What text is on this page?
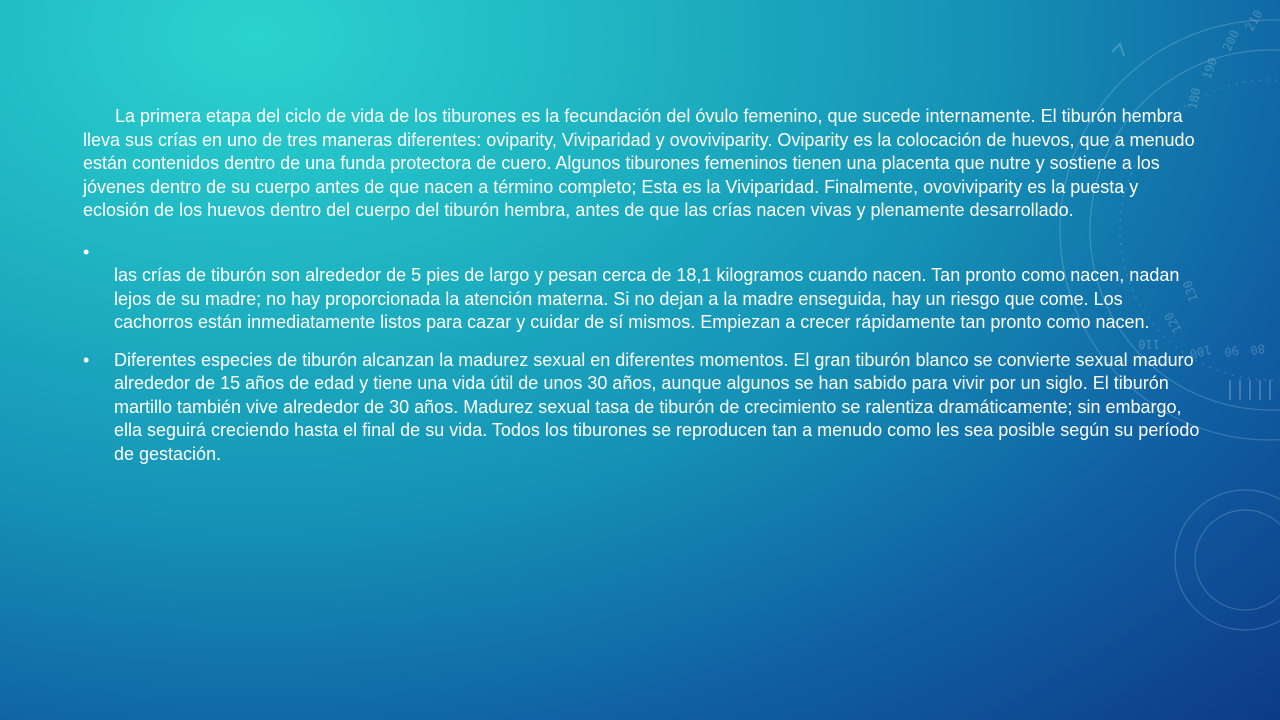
210
200
190
180
130
120
110 100 90 80

La primera etapa del ciclo de vida de los tiburones es la fecundación del óvulo femenino, que sucede internamente. El tiburón hembra lleva sus crías en uno de tres maneras diferentes: oviparity, Viviparidad y ovoviviparity. Oviparity es la colocación de huevos, que a menudo están contenidos dentro de una funda protectora de cuero. Algunos tiburones femeninos tienen una placenta que nutre y sostiene a los jóvenes dentro de su cuerpo antes de que nacen a término completo; Esta es la Viviparidad. Finalmente, ovoviviparity es la puesta y eclosión de los huevos dentro del cuerpo del tiburón hembra, antes de que las crías nacen vivas y plenamente desarrollado.

•
las crías de tiburón son alrededor de 5 pies de largo y pesan cerca de 18,1 kilogramos cuando nacen. Tan pronto como nacen, nadan lejos de su madre; no hay proporcionada la atención materna. Si no dejan a la madre enseguida, hay un riesgo que come. Los cachorros están inmediatamente listos para cazar y cuidar de sí mismos. Empiezan a crecer rápidamente tan pronto como nacen.
• Diferentes especies de tiburón alcanzan la madurez sexual en diferentes momentos. El gran tiburón blanco se convierte sexual maduro alrededor de 15 años de edad y tiene una vida útil de unos 30 años, aunque algunos se han sabido para vivir por un siglo. El tiburón martillo también vive alrededor de 30 años. Madurez sexual tasa de tiburón de crecimiento se ralentiza dramáticamente; sin embargo, ella seguirá creciendo hasta el final de su vida. Todos los tiburones se reproducen tan a menudo como les sea posible según su período de gestación.
